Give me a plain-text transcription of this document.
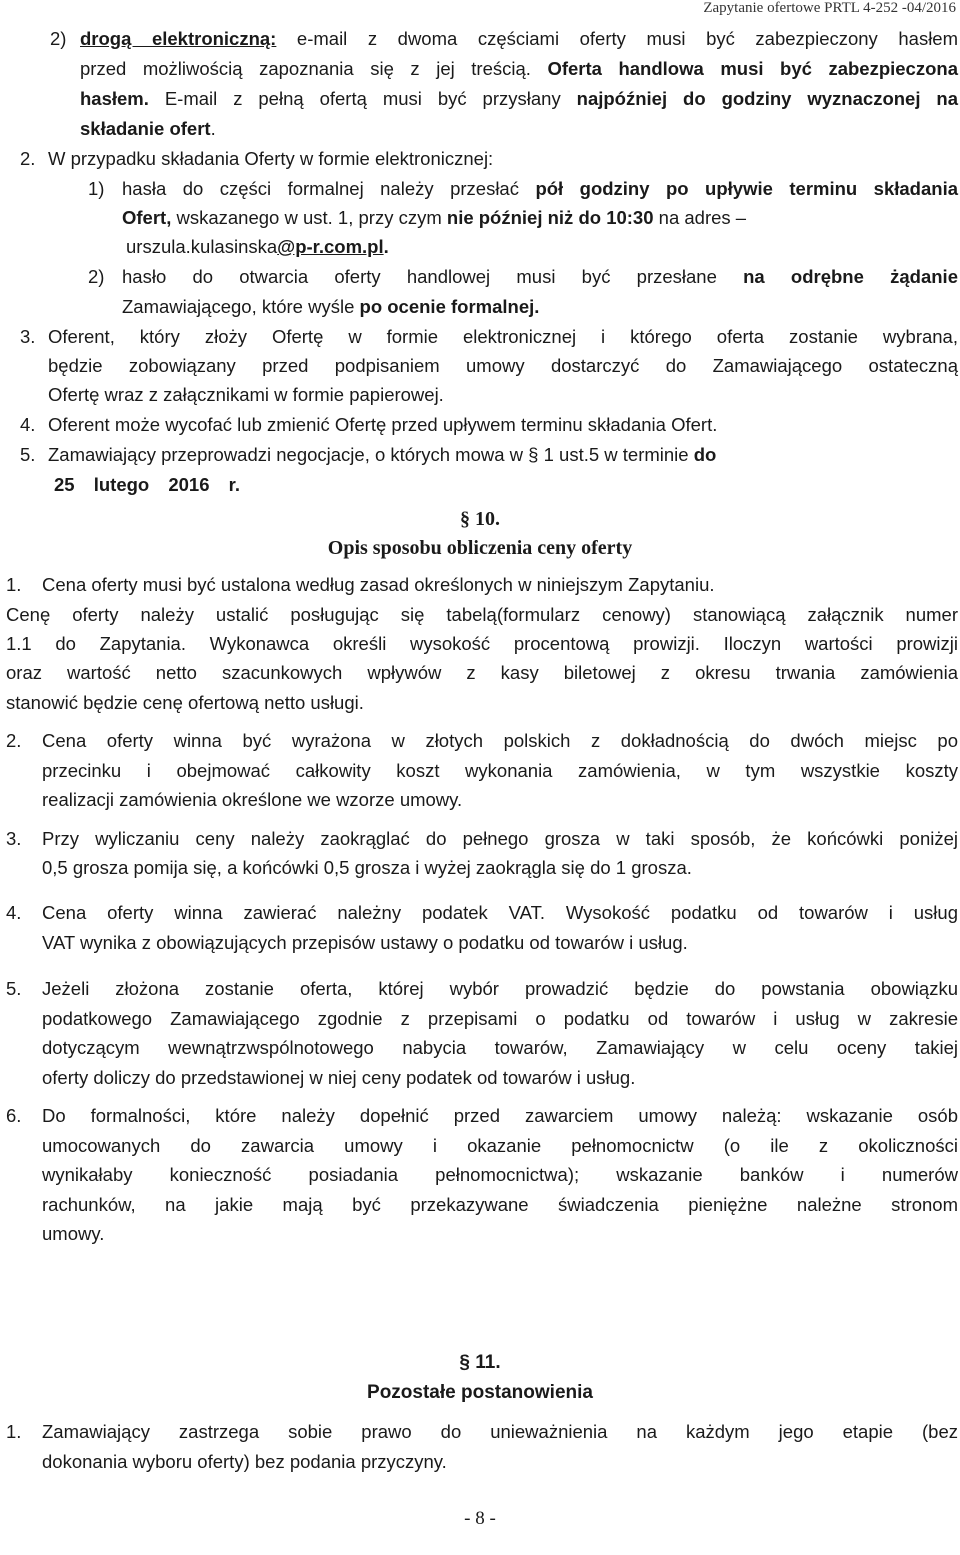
Zapytanie ofertowe PRTL 4-252 -04/2016
2) drogą elektroniczną: e-mail z dwoma częściami oferty musi być zabezpieczony hasłem
przed możliwością zapoznania się z jej treścią. Oferta handlowa musi być zabezpieczona
hasłem. E-mail z pełną ofertą musi być przysłany najpóźniej do godziny wyznaczonej na
składanie ofert.
2. W przypadku składania Oferty w formie elektronicznej:
1) hasła do części formalnej należy przesłać pół godziny po upływie terminu składania
Ofert, wskazanego w ust. 1, przy czym nie później niż do 10:30 na adres –
urszula.kulasinska@p-r.com.pl.
2) hasło do otwarcia oferty handlowej musi być przesłane na odrębne żądanie
Zamawiającego, które wyśle po ocenie formalnej.
3. Oferent, który złoży Ofertę w formie elektronicznej i którego oferta zostanie wybrana,
będzie zobowiązany przed podpisaniem umowy dostarczyć do Zamawiającego ostateczną
Ofertę wraz z załącznikami w formie papierowej.
4. Oferent może wycofać lub zmienić Ofertę przed upływem terminu składania Ofert.
5. Zamawiający przeprowadzi negocjacje, o których mowa w § 1 ust.5 w terminie do
25 lutego 2016 r.
§ 10.
Opis sposobu obliczenia ceny oferty
1. Cena oferty musi być ustalona według zasad określonych w niniejszym Zapytaniu.
Cenę oferty należy ustalić posługując się tabelą(formularz cenowy) stanowiącą załącznik numer
1.1 do Zapytania. Wykonawca określi wysokość procentową prowizji. Iloczyn wartości prowizji
oraz wartość netto szacunkowych wpływów z kasy biletowej z okresu trwania zamówienia
stanowić będzie cenę ofertową netto usługi.
2. Cena oferty winna być wyrażona w złotych polskich z dokładnością do dwóch miejsc po
przecinku i obejmować całkowity koszt wykonania zamówienia, w tym wszystkie koszty
realizacji zamówienia określone we wzorze umowy.
3. Przy wyliczaniu ceny należy zaokrąglać do pełnego grosza w taki sposób, że końcówki poniżej
0,5 grosza pomija się, a końcówki 0,5 grosza i wyżej zaokrągla się do 1 grosza.
4. Cena oferty winna zawierać należny podatek VAT. Wysokość podatku od towarów i usług
VAT wynika z obowiązujących przepisów ustawy o podatku od towarów i usług.
5. Jeżeli złożona zostanie oferta, której wybór prowadzić będzie do powstania obowiązku
podatkowego Zamawiającego zgodnie z przepisami o podatku od towarów i usług w zakresie
dotyczącym wewnątrzwspólnotowego nabycia towarów, Zamawiający w celu oceny takiej
oferty doliczy do przedstawionej w niej ceny podatek od towarów i usług.
6. Do formalności, które należy dopełnić przed zawarciem umowy należą: wskazanie osób
umocowanych do zawarcia umowy i okazanie pełnomocnictw (o ile z okoliczności
wynikałaby konieczność posiadania pełnomocnictwa); wskazanie banków i numerów
rachunków, na jakie mają być przekazywane świadczenia pieniężne należne stronom
umowy.
§ 11.
Pozostałe postanowienia
1. Zamawiający zastrzega sobie prawo do unieważnienia na każdym jego etapie (bez
dokonania wyboru oferty) bez podania przyczyny.
- 8 -
